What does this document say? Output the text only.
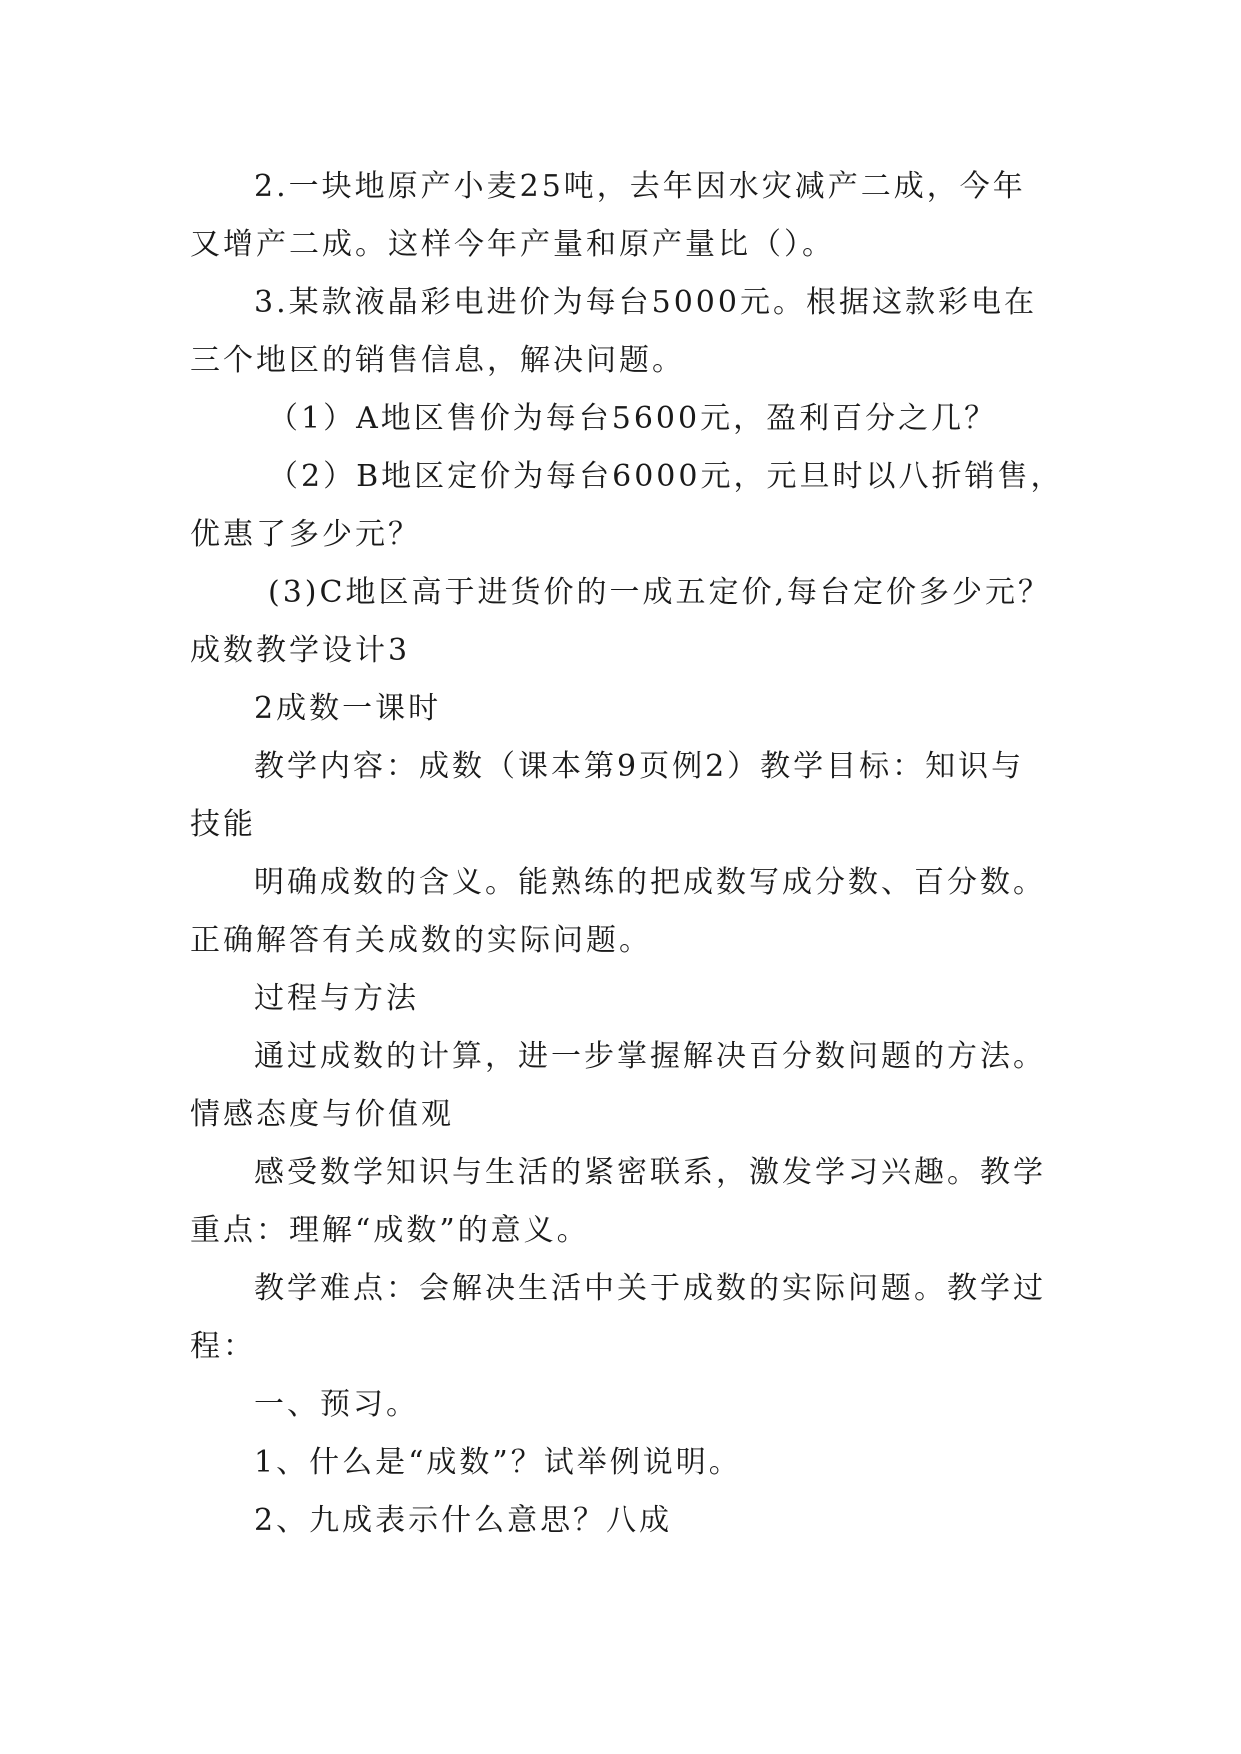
2.一块地原产小麦25吨，去年因水灾减产二成，今年
又增产二成。这样今年产量和原产量比（）。
3.某款液晶彩电进价为每台5000元。根据这款彩电在
三个地区的销售信息，解决问题。
（1）A地区售价为每台5600元，盈利百分之几？
（2）B地区定价为每台6000元，元旦时以八折销售，
优惠了多少元？
(3)C地区高于进货价的一成五定价,每台定价多少元？
成数教学设计3
2成数一课时
教学内容：成数（课本第9页例2）教学目标：知识与
技能
明确成数的含义。能熟练的把成数写成分数、百分数。
正确解答有关成数的实际问题。
过程与方法
通过成数的计算，进一步掌握解决百分数问题的方法。
情感态度与价值观
感受数学知识与生活的紧密联系，激发学习兴趣。教学
重点：理解“成数”的意义。
教学难点：会解决生活中关于成数的实际问题。教学过
程：
一、预习。
1、什么是“成数”？试举例说明。
2、九成表示什么意思？八成
